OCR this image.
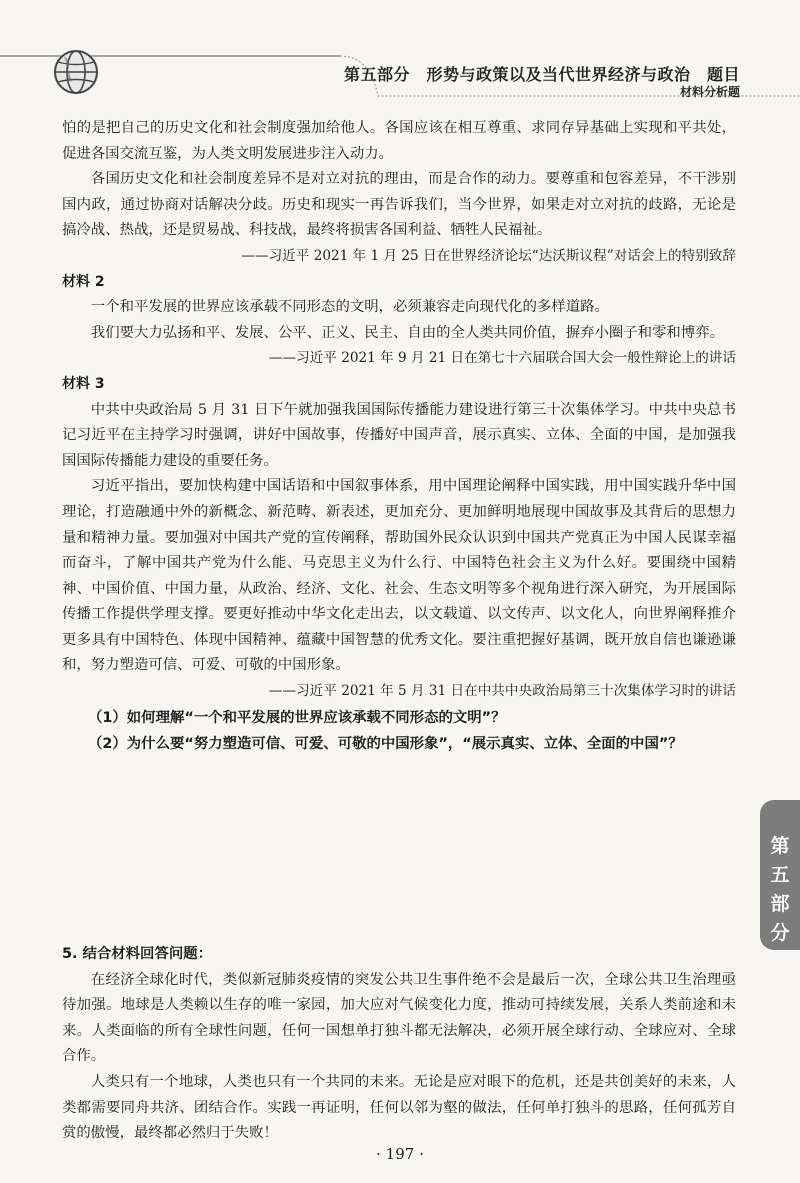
第五部分　形势与政策以及当代世界经济与政治　题目
材料分析题

怕的是把自己的历史文化和社会制度强加给他人。各国应该在相互尊重、求同存异基础上实现和平共处，促进各国交流互鉴，为人类文明发展进步注入动力。

各国历史文化和社会制度差异不是对立对抗的理由，而是合作的动力。要尊重和包容差异，不干涉别国内政，通过协商对话解决分歧。历史和现实一再告诉我们，当今世界，如果走对立对抗的歧路，无论是搞冷战、热战，还是贸易战、科技战，最终将损害各国利益、牺牲人民福祉。

——习近平 2021 年 1 月 25 日在世界经济论坛“达沃斯议程”对话会上的特别致辞
材料 2

一个和平发展的世界应该承载不同形态的文明，必须兼容走向现代化的多样道路。

我们要大力弘扬和平、发展、公平、正义、民主、自由的全人类共同价值，摒弃小圈子和零和博弈。

——习近平 2021 年 9 月 21 日在第七十六届联合国大会一般性辩论上的讲话
材料 3

中共中央政治局 5 月 31 日下午就加强我国国际传播能力建设进行第三十次集体学习。中共中央总书记习近平在主持学习时强调，讲好中国故事，传播好中国声音，展示真实、立体、全面的中国，是加强我国国际传播能力建设的重要任务。

习近平指出，要加快构建中国话语和中国叙事体系，用中国理论阐释中国实践，用中国实践升华中国理论，打造融通中外的新概念、新范畴、新表述，更加充分、更加鲜明地展现中国故事及其背后的思想力量和精神力量。要加强对中国共产党的宣传阐释，帮助国外民众认识到中国共产党真正为中国人民谋幸福而奋斗，了解中国共产党为什么能、马克思主义为什么行、中国特色社会主义为什么好。要围绕中国精神、中国价值、中国力量，从政治、经济、文化、社会、生态文明等多个视角进行深入研究，为开展国际传播工作提供学理支撑。要更好推动中华文化走出去，以文载道、以文传声、以文化人，向世界阐释推介更多具有中国特色、体现中国精神、蕴藏中国智慧的优秀文化。要注重把握好基调，既开放自信也谦逊谦和，努力塑造可信、可爱、可敬的中国形象。

——习近平 2021 年 5 月 31 日在中共中央政治局第三十次集体学习时的讲话
（1）如何理解“一个和平发展的世界应该承载不同形态的文明”？
（2）为什么要“努力塑造可信、可爱、可敬的中国形象”，“展示真实、立体、全面的中国”？
第
五
部
分
5. 结合材料回答问题：

在经济全球化时代，类似新冠肺炎疫情的突发公共卫生事件绝不会是最后一次，全球公共卫生治理亟待加强。地球是人类赖以生存的唯一家园，加大应对气候变化力度，推动可持续发展，关系人类前途和未来。人类面临的所有全球性问题，任何一国想单打独斗都无法解决，必须开展全球行动、全球应对、全球合作。

人类只有一个地球，人类也只有一个共同的未来。无论是应对眼下的危机，还是共创美好的未来，人类都需要同舟共济、团结合作。实践一再证明，任何以邻为壑的做法，任何单打独斗的思路，任何孤芳自赏的傲慢，最终都必然归于失败！

· 197 ·
